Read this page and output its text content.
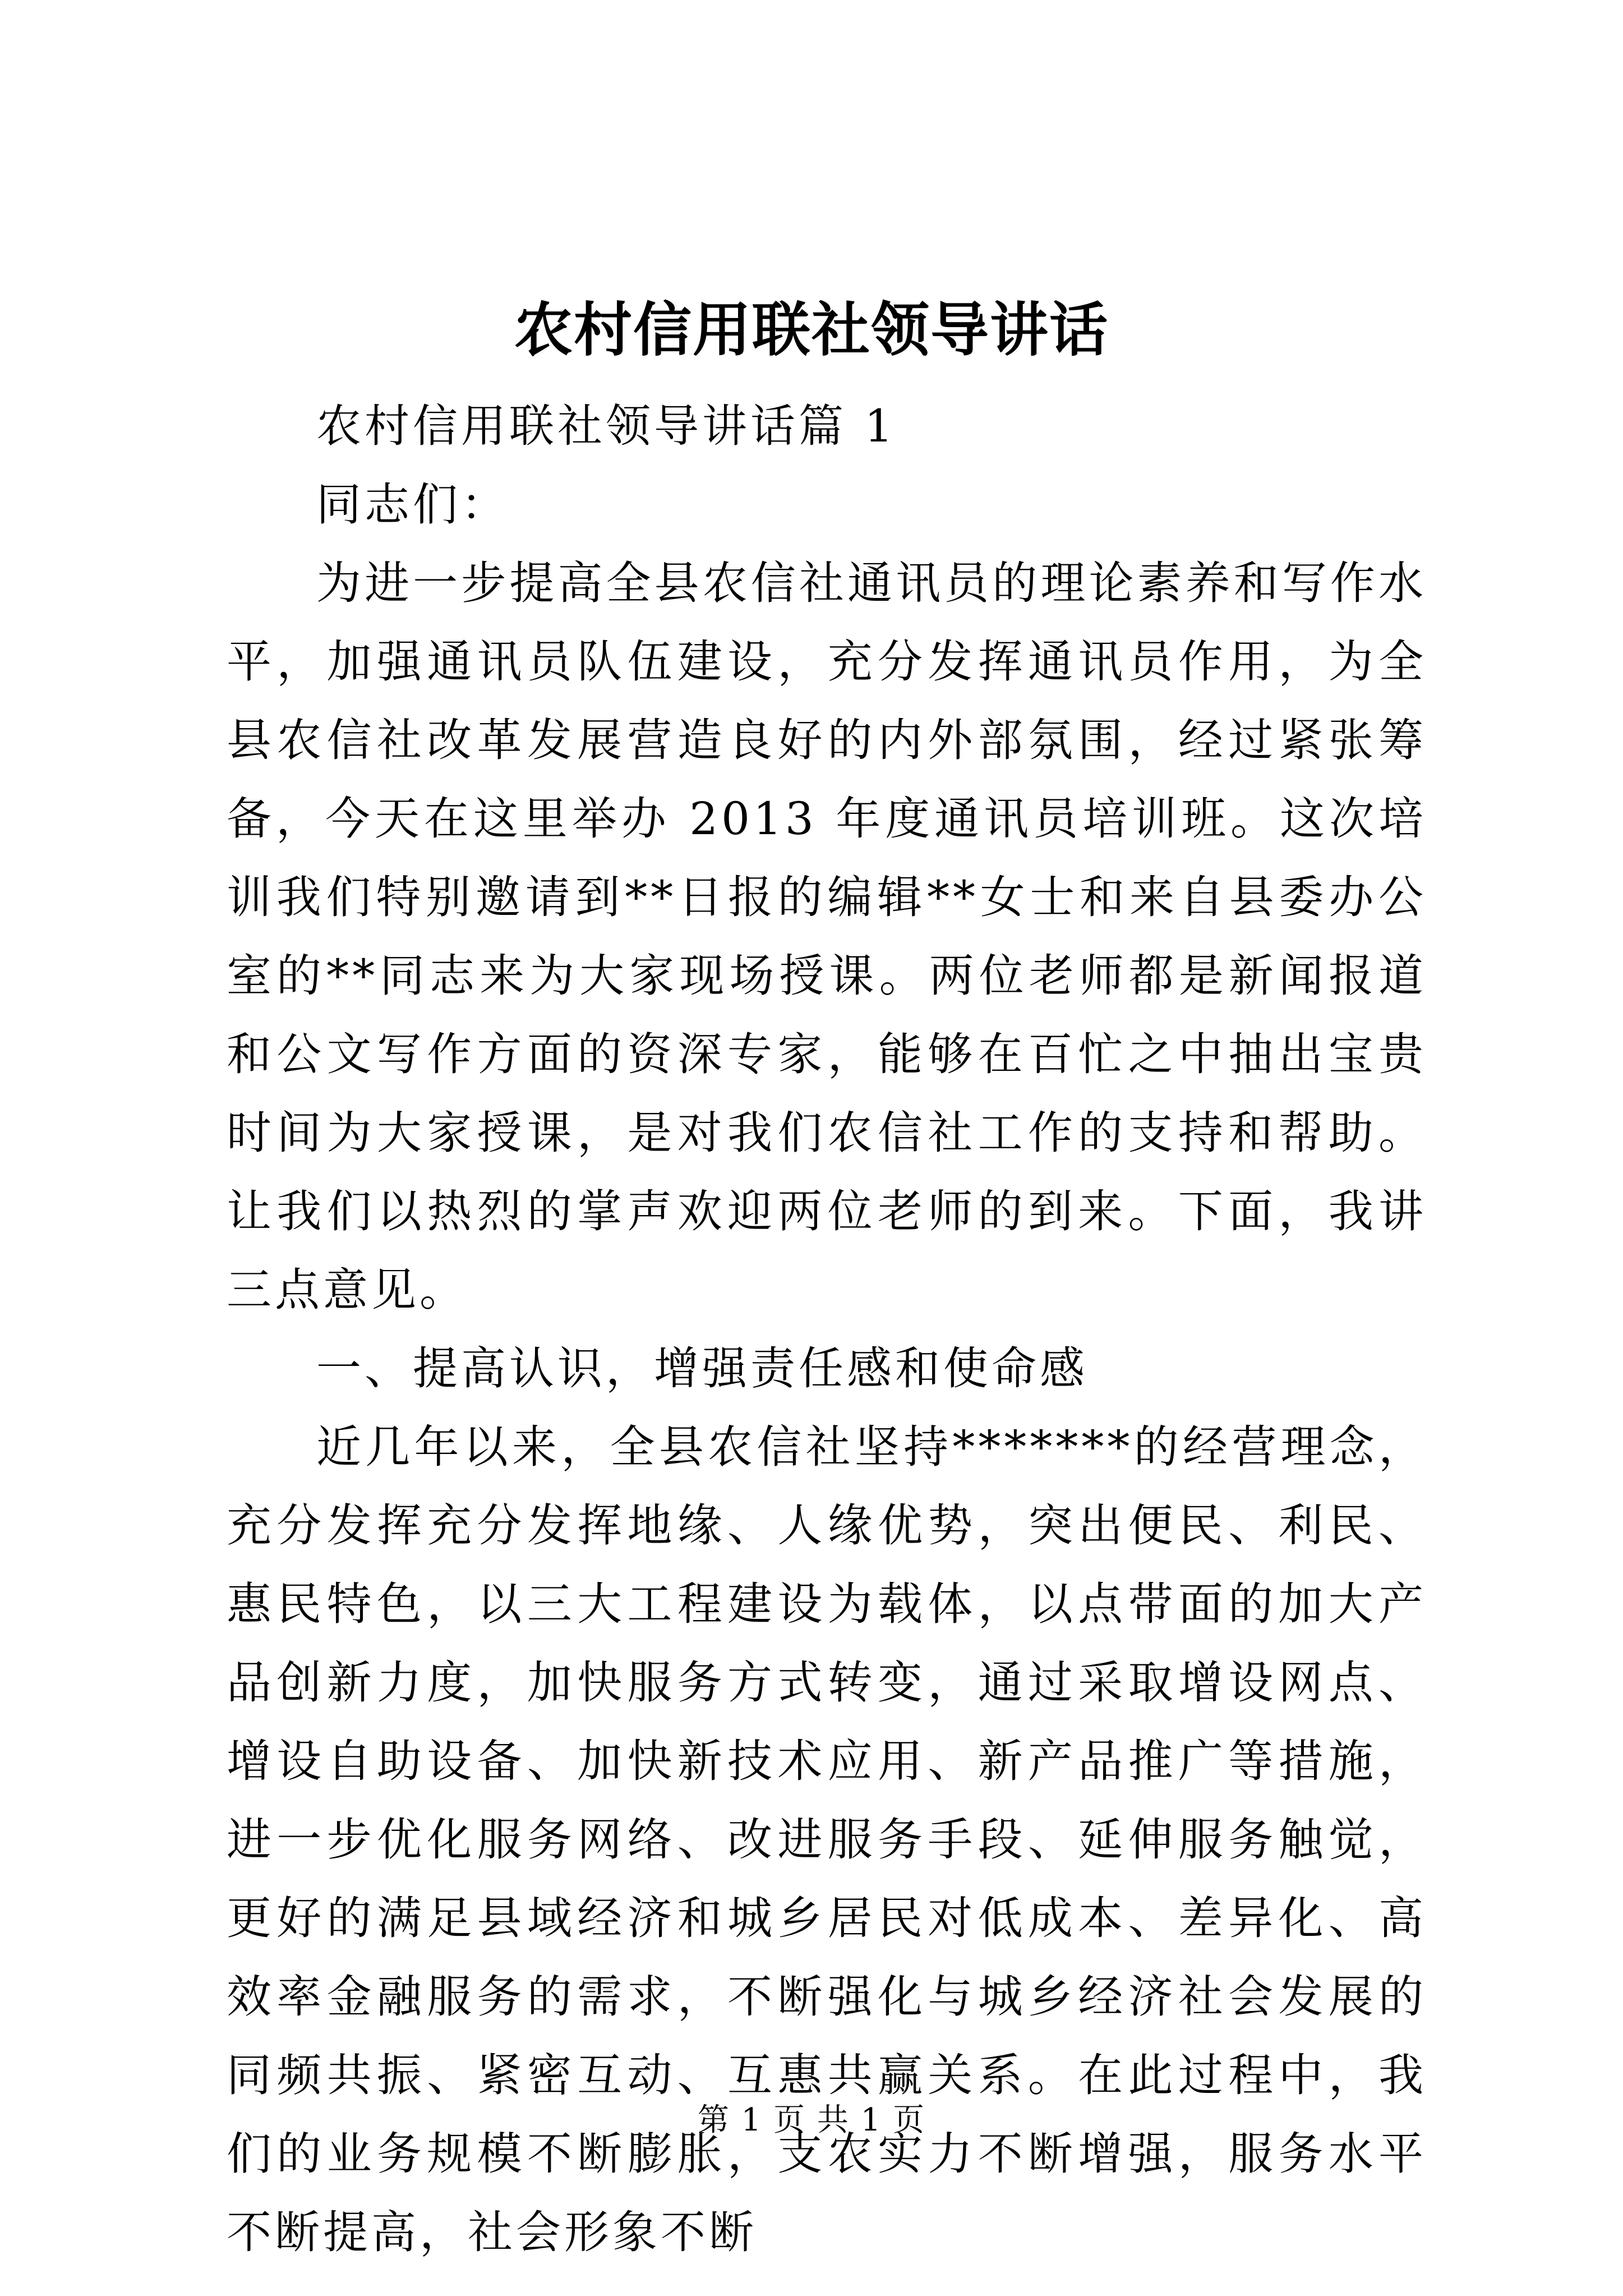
农村信用联社领导讲话

农村信用联社领导讲话篇 1

同志们：

为进一步提高全县农信社通讯员的理论素养和写作水平，加强通讯员队伍建设，充分发挥通讯员作用，为全县农信社改革发展营造良好的内外部氛围，经过紧张筹备，今天在这里举办 2013 年度通讯员培训班。这次培训我们特别邀请到**日报的编辑**女士和来自县委办公室的**同志来为大家现场授课。两位老师都是新闻报道和公文写作方面的资深专家，能够在百忙之中抽出宝贵时间为大家授课，是对我们农信社工作的支持和帮助。让我们以热烈的掌声欢迎两位老师的到来。下面，我讲三点意见。

一、提高认识，增强责任感和使命感

近几年以来，全县农信社坚持*******的经营理念，充分发挥充分发挥地缘、人缘优势，突出便民、利民、惠民特色，以三大工程建设为载体，以点带面的加大产品创新力度，加快服务方式转变，通过采取增设网点、增设自助设备、加快新技术应用、新产品推广等措施，进一步优化服务网络、改进服务手段、延伸服务触觉，更好的满足县域经济和城乡居民对低成本、差异化、高效率金融服务的需求，不断强化与城乡经济社会发展的同频共振、紧密互动、互惠共赢关系。在此过程中，我们的业务规模不断膨胀，支农实力不断增强，服务水平不断提高，社会形象不断

第 1 页 共 1 页
